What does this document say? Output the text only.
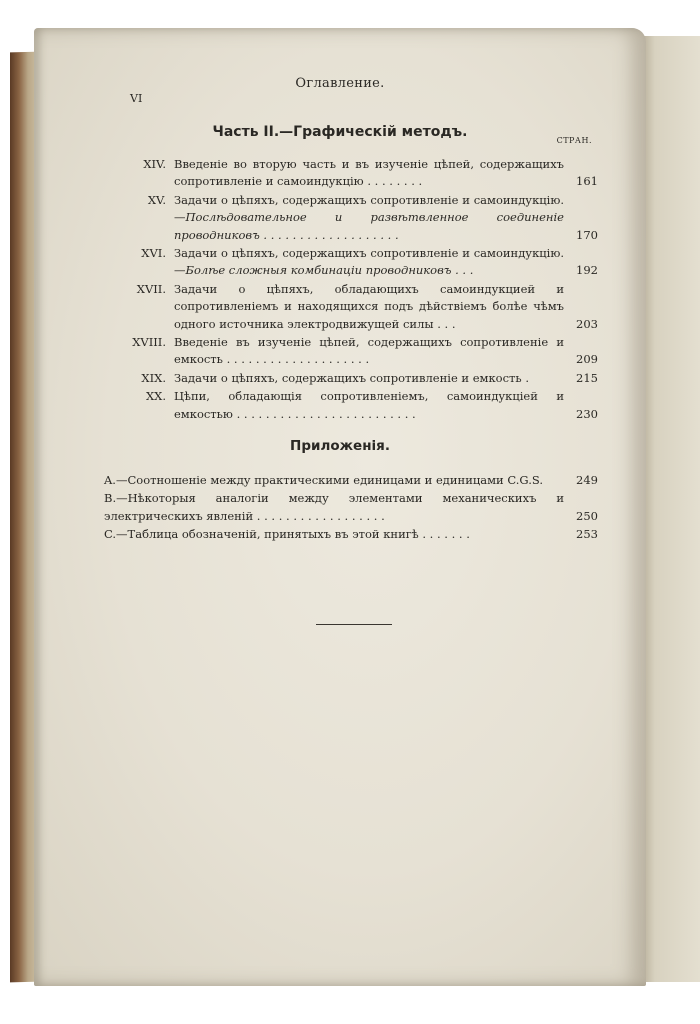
Оглавление.
VI
Часть II.—Графическій методъ.
СТРАН.
XIV. Введеніе во вторую часть и въ изученіе цѣпей, содержащихъ сопротивленіе и самоиндукцію . . . . . . . .	161
XV. Задачи о цѣпяхъ, содержащихъ сопротивленіе и самоиндукцію.—Послѣдовательное и развѣтвленное соединеніе проводниковъ . . . . . . . . . . . . . . . . . . .	170
XVI. Задачи о цѣпяхъ, содержащихъ сопротивленіе и самоиндукцію.—Болѣе сложныя комбинаціи проводниковъ . . .	192
XVII. Задачи о цѣпяхъ, обладающихъ самоиндукцией и сопротивленіемъ и находящихся подъ дѣйствіемъ болѣе чѣмъ одного источника электродвижущей силы . . .	203
XVIII. Введеніе въ изученіе цѣпей, содержащихъ сопротивленіе и емкость . . . . . . . . . . . . . . . . . . . .	209
XIX. Задачи о цѣпяхъ, содержащихъ сопротивленіе и емкость .	215
XX. Цѣпи, обладающія сопротивленіемъ, самоиндукціей и емкостью . . . . . . . . . . . . . . . . . . . . . . . . .	230
Приложенія.
A.—Соотношеніе между практическими единицами и единицами C.G.S.	249
B.—Нѣкоторыя аналогіи между элементами механическихъ и электрическихъ явленій . . . . . . . . . . . . . . . . . .	250
C.—Таблица обозначеній, принятыхъ въ этой книгѣ . . . . . . .	253
